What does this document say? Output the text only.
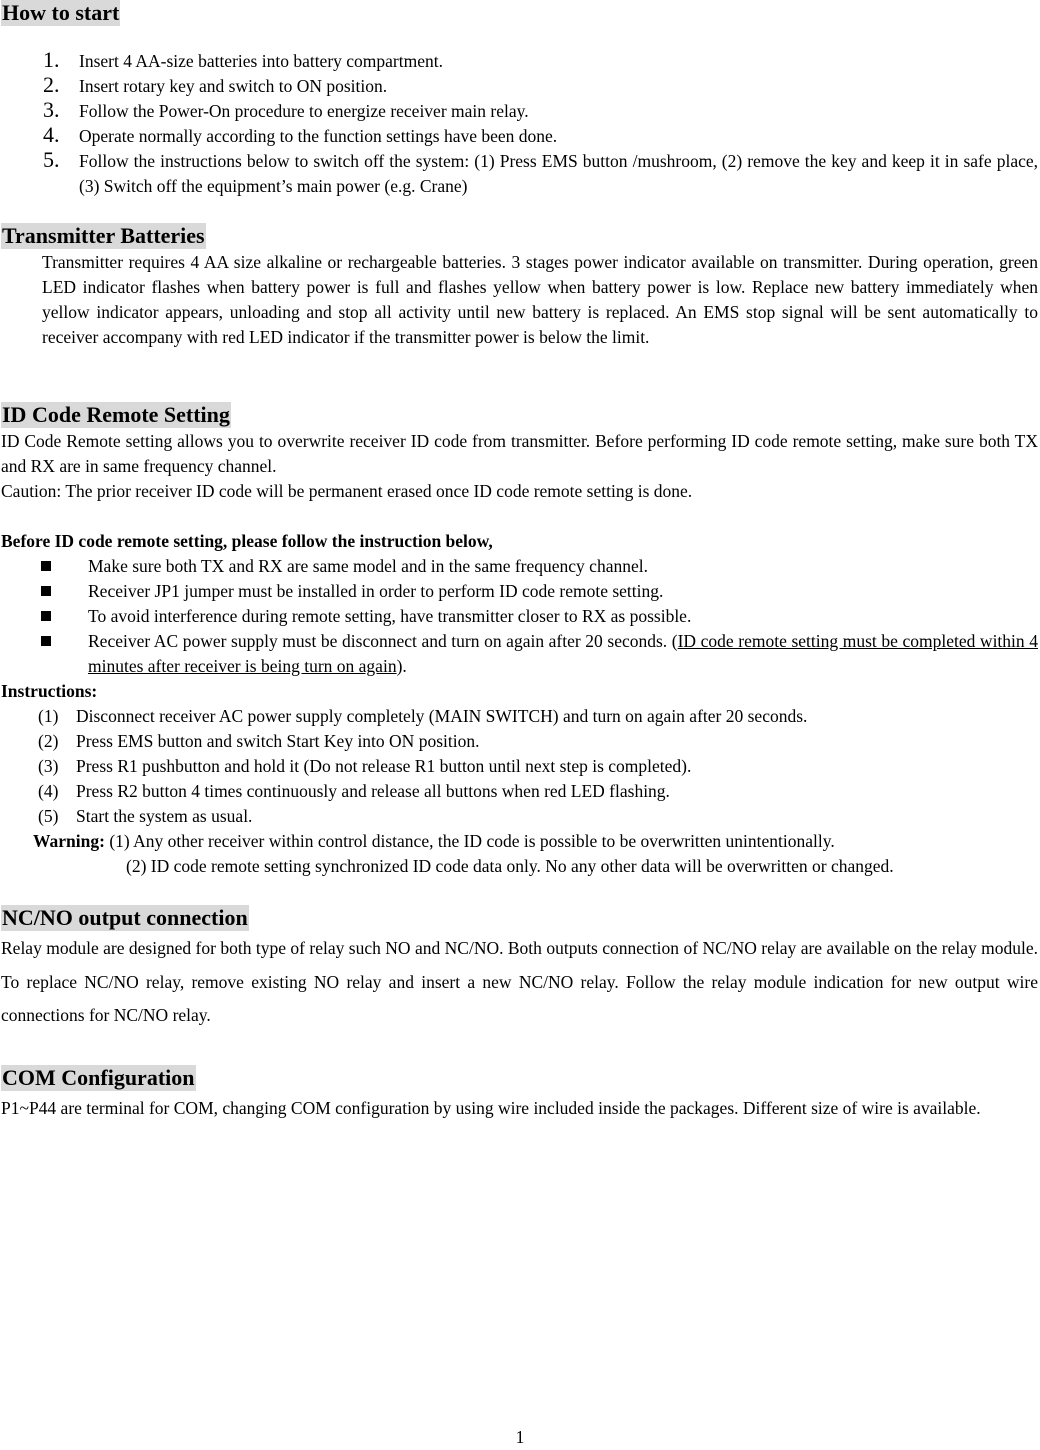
How to start
1. Insert 4 AA-size batteries into battery compartment.
2. Insert rotary key and switch to ON position.
3. Follow the Power-On procedure to energize receiver main relay.
4. Operate normally according to the function settings have been done.
5. Follow the instructions below to switch off the system: (1) Press EMS button /mushroom, (2) remove the key and keep it in safe place, (3) Switch off the equipment’s main power (e.g. Crane)
Transmitter Batteries
Transmitter requires 4 AA size alkaline or rechargeable batteries. 3 stages power indicator available on transmitter. During operation, green LED indicator flashes when battery power is full and flashes yellow when battery power is low. Replace new battery immediately when yellow indicator appears, unloading and stop all activity until new battery is replaced. An EMS stop signal will be sent automatically to receiver accompany with red LED indicator if the transmitter power is below the limit.
ID Code Remote Setting
ID Code Remote setting allows you to overwrite receiver ID code from transmitter. Before performing ID code remote setting, make sure both TX and RX are in same frequency channel.
Caution: The prior receiver ID code will be permanent erased once ID code remote setting is done.
Before ID code remote setting, please follow the instruction below,
Make sure both TX and RX are same model and in the same frequency channel.
Receiver JP1 jumper must be installed in order to perform ID code remote setting.
To avoid interference during remote setting, have transmitter closer to RX as possible.
Receiver AC power supply must be disconnect and turn on again after 20 seconds. (ID code remote setting must be completed within 4 minutes after receiver is being turn on again).
Instructions:
(1) Disconnect receiver AC power supply completely (MAIN SWITCH) and turn on again after 20 seconds.
(2) Press EMS button and switch Start Key into ON position.
(3) Press R1 pushbutton and hold it (Do not release R1 button until next step is completed).
(4) Press R2 button 4 times continuously and release all buttons when red LED flashing.
(5) Start the system as usual.
Warning: (1) Any other receiver within control distance, the ID code is possible to be overwritten unintentionally.
(2) ID code remote setting synchronized ID code data only. No any other data will be overwritten or changed.
NC/NO output connection
Relay module are designed for both type of relay such NO and NC/NO. Both outputs connection of NC/NO relay are available on the relay module. To replace NC/NO relay, remove existing NO relay and insert a new NC/NO relay. Follow the relay module indication for new output wire connections for NC/NO relay.
COM Configuration
P1~P44 are terminal for COM, changing COM configuration by using wire included inside the packages. Different size of wire is available.
1
